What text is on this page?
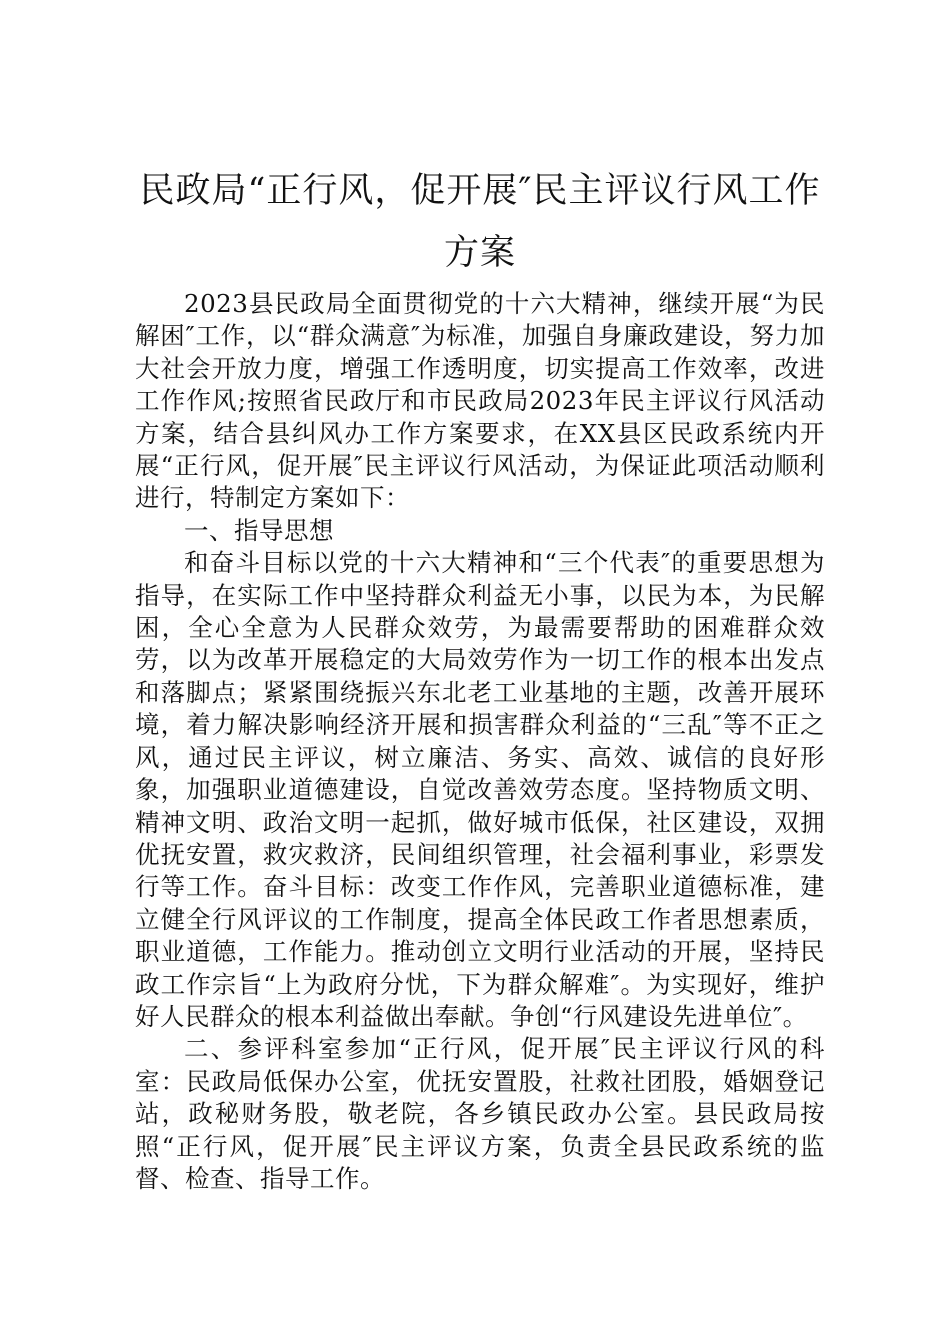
民政局“正行风，促开展″民主评议行风工作方案

2023县民政局全面贯彻党的十六大精神，继续开展“为民解困″工作，以“群众满意″为标准，加强自身廉政建设，努力加大社会开放力度，增强工作透明度，切实提高工作效率，改进工作作风;按照省民政厅和市民政局2023年民主评议行风活动方案，结合县纠风办工作方案要求，在XX县区民政系统内开展“正行风，促开展″民主评议行风活动，为保证此项活动顺利进行，特制定方案如下：

一、指导思想

和奋斗目标以党的十六大精神和“三个代表″的重要思想为指导，在实际工作中坚持群众利益无小事，以民为本，为民解困，全心全意为人民群众效劳，为最需要帮助的困难群众效劳，以为改革开展稳定的大局效劳作为一切工作的根本出发点和落脚点；紧紧围绕振兴东北老工业基地的主题，改善开展环境，着力解决影响经济开展和损害群众利益的“三乱″等不正之风，通过民主评议，树立廉洁、务实、高效、诚信的良好形象，加强职业道德建设，自觉改善效劳态度。坚持物质文明、精神文明、政治文明一起抓，做好城市低保，社区建设，双拥优抚安置，救灾救济，民间组织管理，社会福利事业，彩票发行等工作。奋斗目标：改变工作作风，完善职业道德标准，建立健全行风评议的工作制度，提高全体民政工作者思想素质，职业道德，工作能力。推动创立文明行业活动的开展，坚持民政工作宗旨“上为政府分忧，下为群众解难″。为实现好，维护好人民群众的根本利益做出奉献。争创“行风建设先进单位″。

二、参评科室参加“正行风，促开展″民主评议行风的科室：民政局低保办公室，优抚安置股，社救社团股，婚姻登记站，政秘财务股，敬老院，各乡镇民政办公室。县民政局按照“正行风，促开展″民主评议方案，负责全县民政系统的监督、检查、指导工作。
